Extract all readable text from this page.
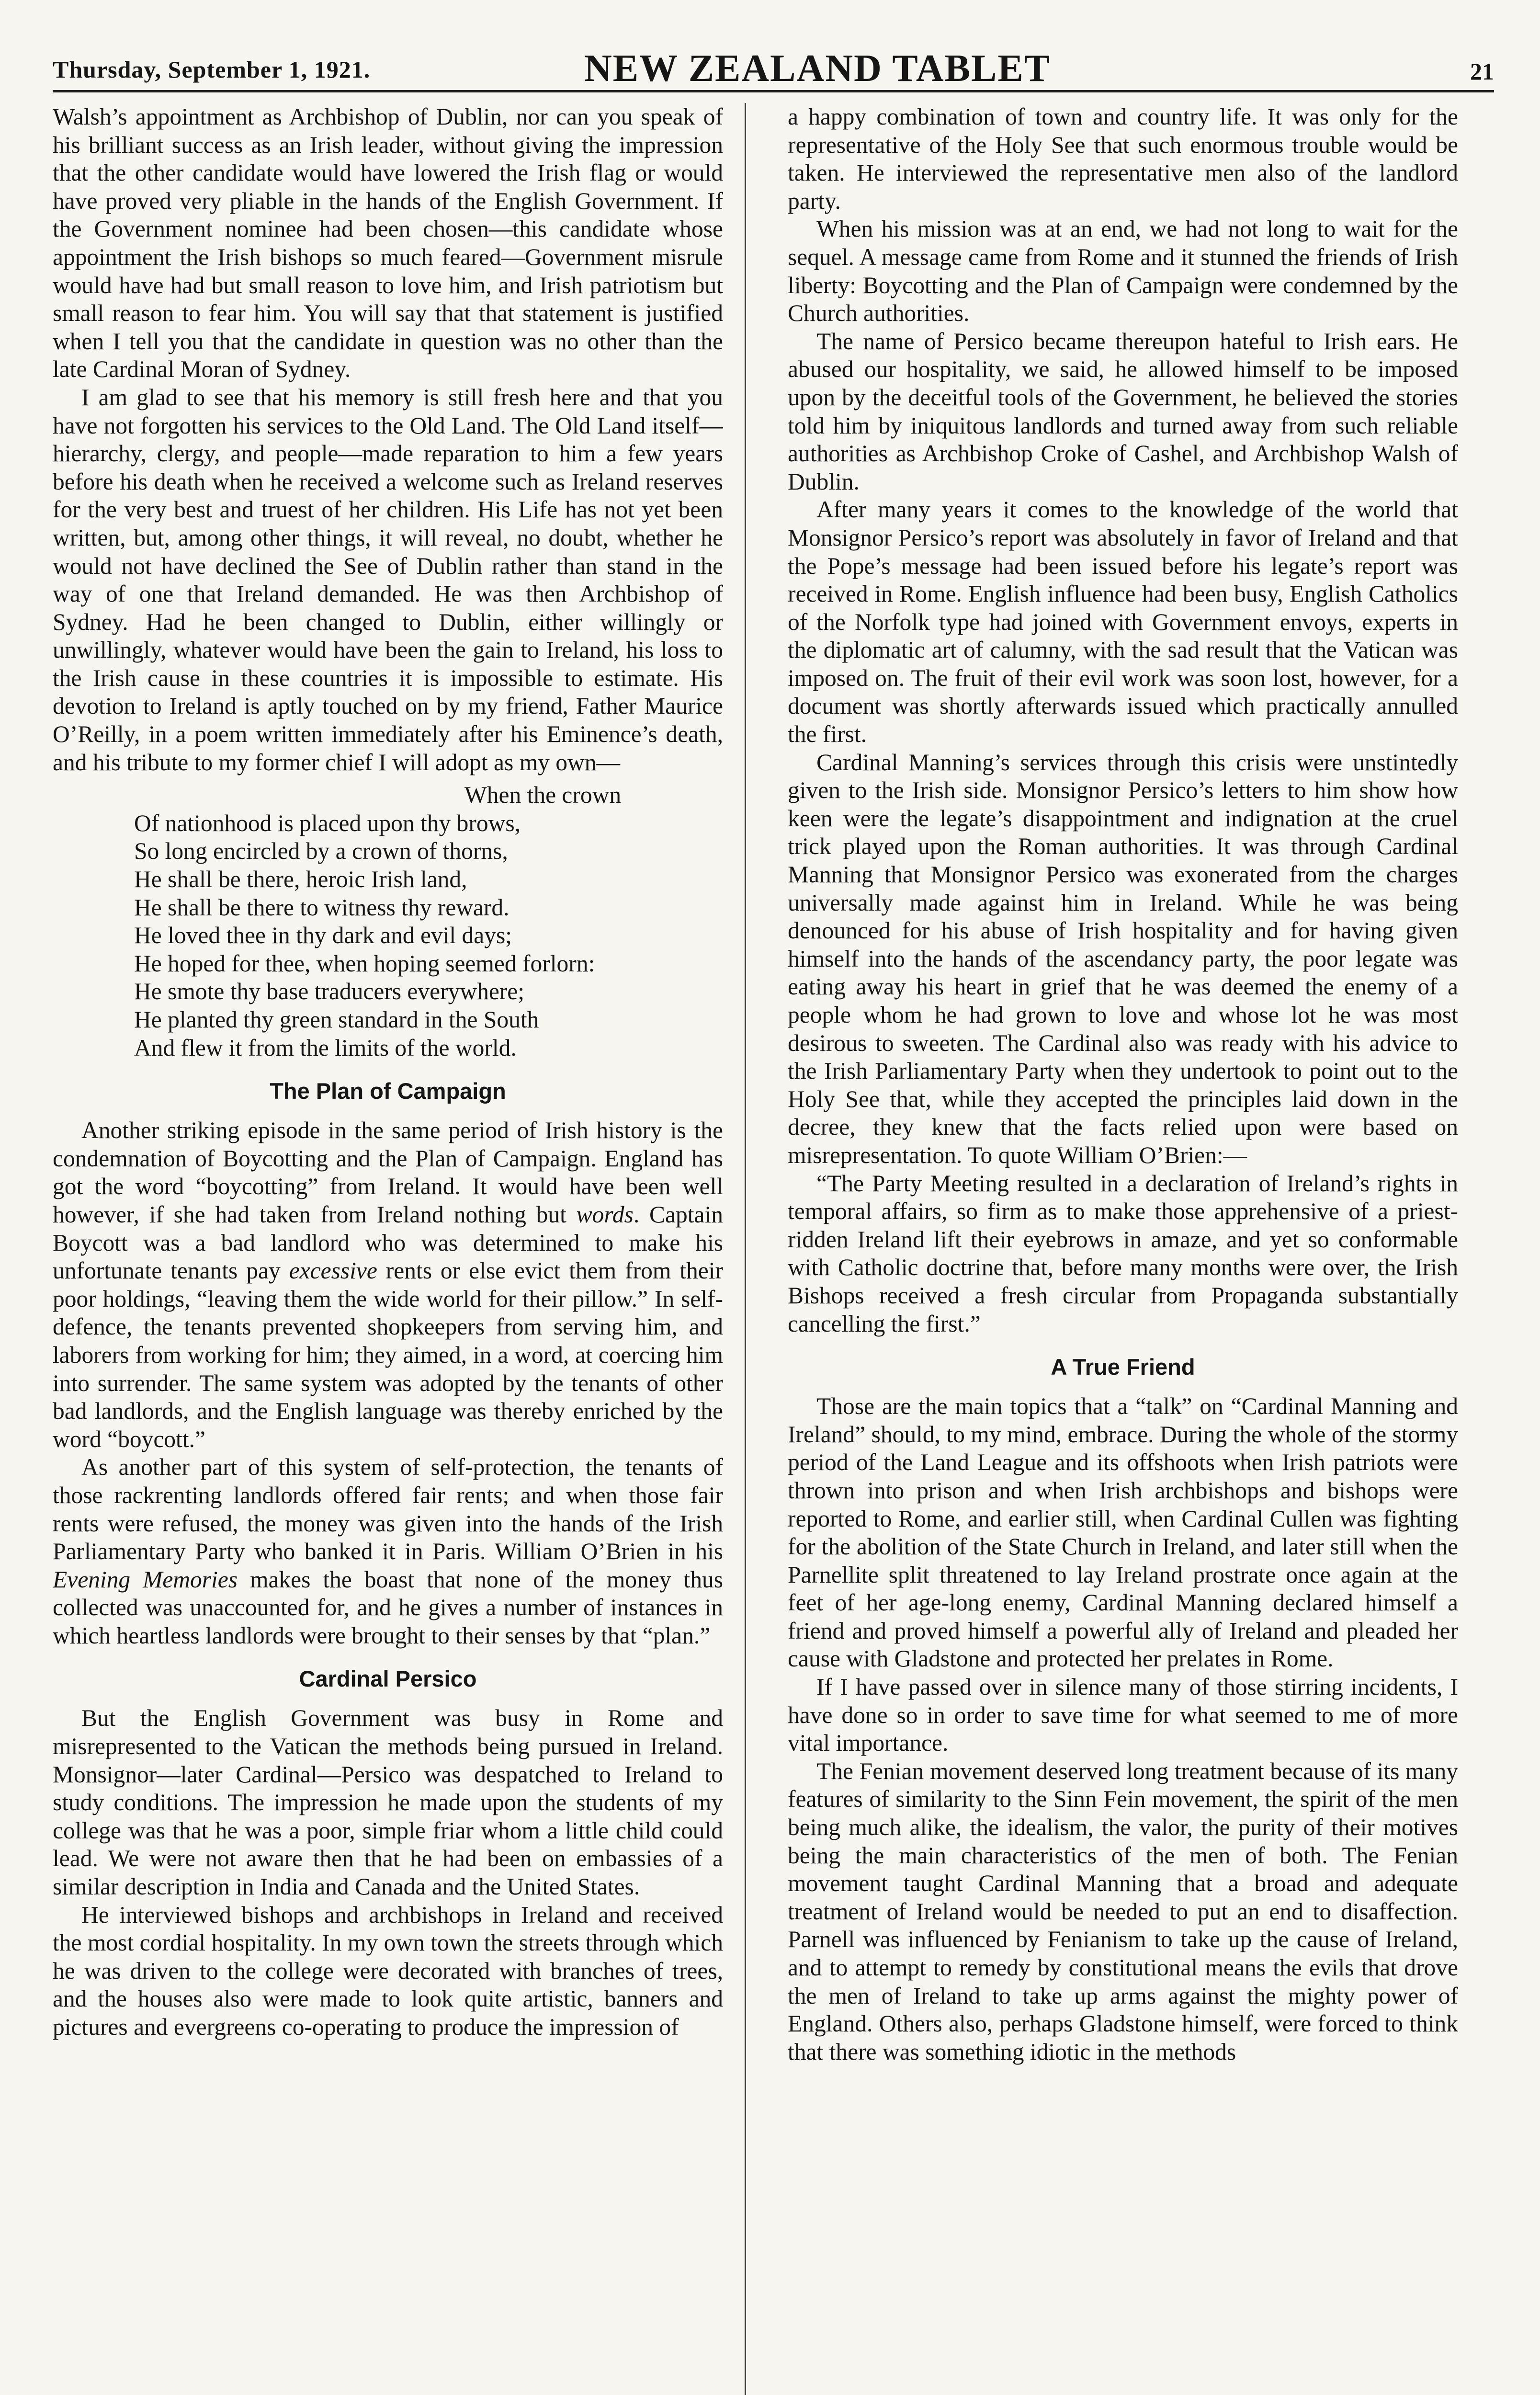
Thursday, September 1, 1921.	NEW ZEALAND TABLET	21

Walsh’s appointment as Archbishop of Dublin, nor can you speak of his brilliant success as an Irish leader, without giving the impression that the other candidate would have lowered the Irish flag or would have proved very pliable in the hands of the English Government. If the Government nominee had been chosen—this candidate whose appointment the Irish bishops so much feared—Government misrule would have had but small reason to love him, and Irish patriotism but small reason to fear him. You will say that that statement is justified when I tell you that the candidate in question was no other than the late Cardinal Moran of Sydney.

I am glad to see that his memory is still fresh here and that you have not forgotten his services to the Old Land. The Old Land itself—hierarchy, clergy, and people—made reparation to him a few years before his death when he received a welcome such as Ireland reserves for the very best and truest of her children. His Life has not yet been written, but, among other things, it will reveal, no doubt, whether he would not have declined the See of Dublin rather than stand in the way of one that Ireland demanded. He was then Archbishop of Sydney. Had he been changed to Dublin, either willingly or unwillingly, whatever would have been the gain to Ireland, his loss to the Irish cause in these countries it is impossible to estimate. His devotion to Ireland is aptly touched on by my friend, Father Maurice O’Reilly, in a poem written immediately after his Eminence’s death, and his tribute to my former chief I will adopt as my own—

When the crown
Of nationhood is placed upon thy brows,
So long encircled by a crown of thorns,
He shall be there, heroic Irish land,
He shall be there to witness thy reward.
He loved thee in thy dark and evil days;
He hoped for thee, when hoping seemed forlorn:
He smote thy base traducers everywhere;
He planted thy green standard in the South
And flew it from the limits of the world.
The Plan of Campaign

Another striking episode in the same period of Irish history is the condemnation of Boycotting and the Plan of Campaign. England has got the word “boycotting” from Ireland. It would have been well however, if she had taken from Ireland nothing but words. Captain Boycott was a bad landlord who was determined to make his unfortunate tenants pay excessive rents or else evict them from their poor holdings, “leaving them the wide world for their pillow.” In self-defence, the tenants prevented shopkeepers from serving him, and laborers from working for him; they aimed, in a word, at coercing him into surrender. The same system was adopted by the tenants of other bad landlords, and the English language was thereby enriched by the word “boycott.”

As another part of this system of self-protection, the tenants of those rackrenting landlords offered fair rents; and when those fair rents were refused, the money was given into the hands of the Irish Parliamentary Party who banked it in Paris. William O’Brien in his Evening Memories makes the boast that none of the money thus collected was unaccounted for, and he gives a number of instances in which heartless landlords were brought to their senses by that “plan.”

Cardinal Persico

But the English Government was busy in Rome and misrepresented to the Vatican the methods being pursued in Ireland. Monsignor—later Cardinal—Persico was despatched to Ireland to study conditions. The impression he made upon the students of my college was that he was a poor, simple friar whom a little child could lead. We were not aware then that he had been on embassies of a similar description in India and Canada and the United States.

He interviewed bishops and archbishops in Ireland and received the most cordial hospitality. In my own town the streets through which he was driven to the college were decorated with branches of trees, and the houses also were made to look quite artistic, banners and pictures and evergreens co-operating to produce the impression of

a happy combination of town and country life. It was only for the representative of the Holy See that such enormous trouble would be taken. He interviewed the representative men also of the landlord party.

When his mission was at an end, we had not long to wait for the sequel. A message came from Rome and it stunned the friends of Irish liberty: Boycotting and the Plan of Campaign were condemned by the Church authorities.

The name of Persico became thereupon hateful to Irish ears. He abused our hospitality, we said, he allowed himself to be imposed upon by the deceitful tools of the Government, he believed the stories told him by iniquitous landlords and turned away from such reliable authorities as Archbishop Croke of Cashel, and Archbishop Walsh of Dublin.

After many years it comes to the knowledge of the world that Monsignor Persico’s report was absolutely in favor of Ireland and that the Pope’s message had been issued before his legate’s report was received in Rome. English influence had been busy, English Catholics of the Norfolk type had joined with Government envoys, experts in the diplomatic art of calumny, with the sad result that the Vatican was imposed on. The fruit of their evil work was soon lost, however, for a document was shortly afterwards issued which practically annulled the first.

Cardinal Manning’s services through this crisis were unstintedly given to the Irish side. Monsignor Persico’s letters to him show how keen were the legate’s disappointment and indignation at the cruel trick played upon the Roman authorities. It was through Cardinal Manning that Monsignor Persico was exonerated from the charges universally made against him in Ireland. While he was being denounced for his abuse of Irish hospitality and for having given himself into the hands of the ascendancy party, the poor legate was eating away his heart in grief that he was deemed the enemy of a people whom he had grown to love and whose lot he was most desirous to sweeten. The Cardinal also was ready with his advice to the Irish Parliamentary Party when they undertook to point out to the Holy See that, while they accepted the principles laid down in the decree, they knew that the facts relied upon were based on misrepresentation. To quote William O’Brien:—

“The Party Meeting resulted in a declaration of Ireland’s rights in temporal affairs, so firm as to make those apprehensive of a priest-ridden Ireland lift their eyebrows in amaze, and yet so conformable with Catholic doctrine that, before many months were over, the Irish Bishops received a fresh circular from Propaganda substantially cancelling the first.”

A True Friend

Those are the main topics that a “talk” on “Cardinal Manning and Ireland” should, to my mind, embrace. During the whole of the stormy period of the Land League and its offshoots when Irish patriots were thrown into prison and when Irish archbishops and bishops were reported to Rome, and earlier still, when Cardinal Cullen was fighting for the abolition of the State Church in Ireland, and later still when the Parnellite split threatened to lay Ireland prostrate once again at the feet of her age-long enemy, Cardinal Manning declared himself a friend and proved himself a powerful ally of Ireland and pleaded her cause with Gladstone and protected her prelates in Rome.

If I have passed over in silence many of those stirring incidents, I have done so in order to save time for what seemed to me of more vital importance.

The Fenian movement deserved long treatment because of its many features of similarity to the Sinn Fein movement, the spirit of the men being much alike, the idealism, the valor, the purity of their motives being the main characteristics of the men of both. The Fenian movement taught Cardinal Manning that a broad and adequate treatment of Ireland would be needed to put an end to disaffection. Parnell was influenced by Fenianism to take up the cause of Ireland, and to attempt to remedy by constitutional means the evils that drove the men of Ireland to take up arms against the mighty power of England. Others also, perhaps Gladstone himself, were forced to think that there was something idiotic in the methods
